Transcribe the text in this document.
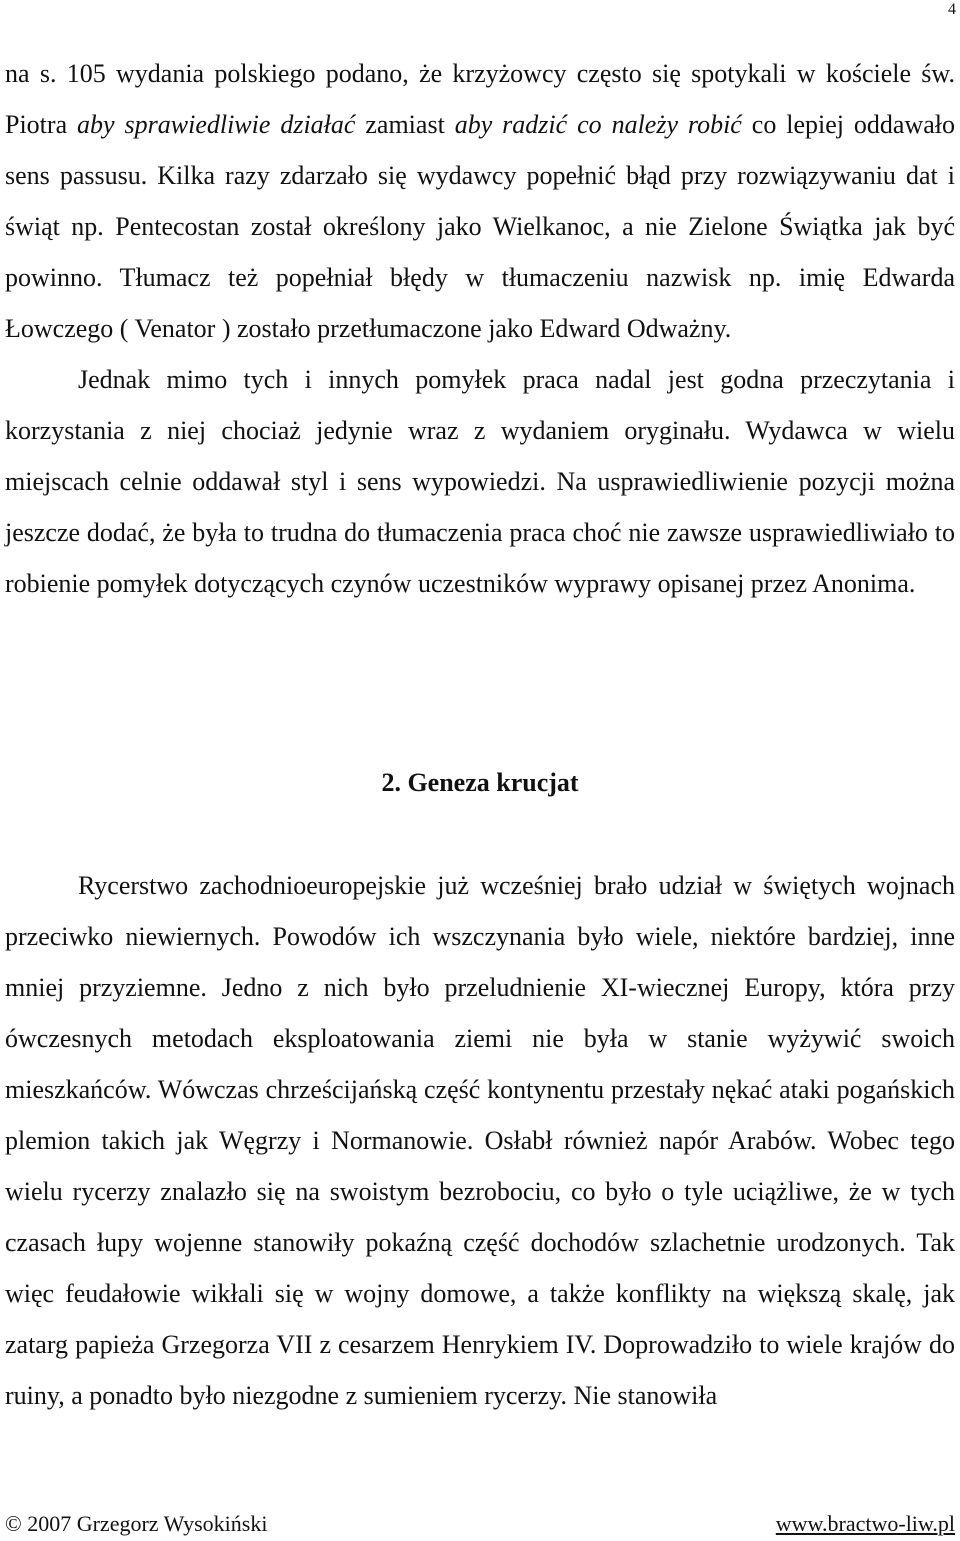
4

na s. 105 wydania polskiego podano, że krzyżowcy często się spotykali w kościele św. Piotra aby sprawiedliwie działać zamiast aby radzić co należy robić co lepiej oddawało sens passusu. Kilka razy zdarzało się wydawcy popełnić błąd przy rozwiązywaniu dat i świąt np. Pentecostan został określony jako Wielkanoc, a nie Zielone Świątka jak być powinno. Tłumacz też popełniał błędy w tłumaczeniu nazwisk np. imię Edwarda Łowczego ( Venator ) zostało przetłumaczone jako Edward Odważny.

Jednak mimo tych i innych pomyłek praca nadal jest godna przeczytania i korzystania z niej chociaż jedynie wraz z wydaniem oryginału. Wydawca w wielu miejscach celnie oddawał styl i sens wypowiedzi. Na usprawiedliwienie pozycji można jeszcze dodać, że była to trudna do tłumaczenia praca choć nie zawsze usprawiedliwiało to robienie pomyłek dotyczących czynów uczestników wyprawy opisanej przez Anonima.

2. Geneza krucjat

Rycerstwo zachodnioeuropejskie już wcześniej brało udział w świętych wojnach przeciwko niewiernych. Powodów ich wszczynania było wiele, niektóre bardziej, inne mniej przyziemne. Jedno z nich było przeludnienie XI-wiecznej Europy, która przy ówczesnych metodach eksploatowania ziemi nie była w stanie wyżywić swoich mieszkańców. Wówczas chrześcijańską część kontynentu przestały nękać ataki pogańskich plemion takich jak Węgrzy i Normanowie. Osłabł również napór Arabów. Wobec tego wielu rycerzy znalazło się na swoistym bezrobociu, co było o tyle uciążliwe, że w tych czasach łupy wojenne stanowiły pokaźną część dochodów szlachetnie urodzonych. Tak więc feudałowie wikłali się w wojny domowe, a także konflikty na większą skalę, jak zatarg papieża Grzegorza VII z cesarzem Henrykiem IV. Doprowadziło to wiele krajów do ruiny, a ponadto było niezgodne z sumieniem rycerzy. Nie stanowiła

© 2007 Grzegorz Wysokiński	www.bractwo-liw.pl
